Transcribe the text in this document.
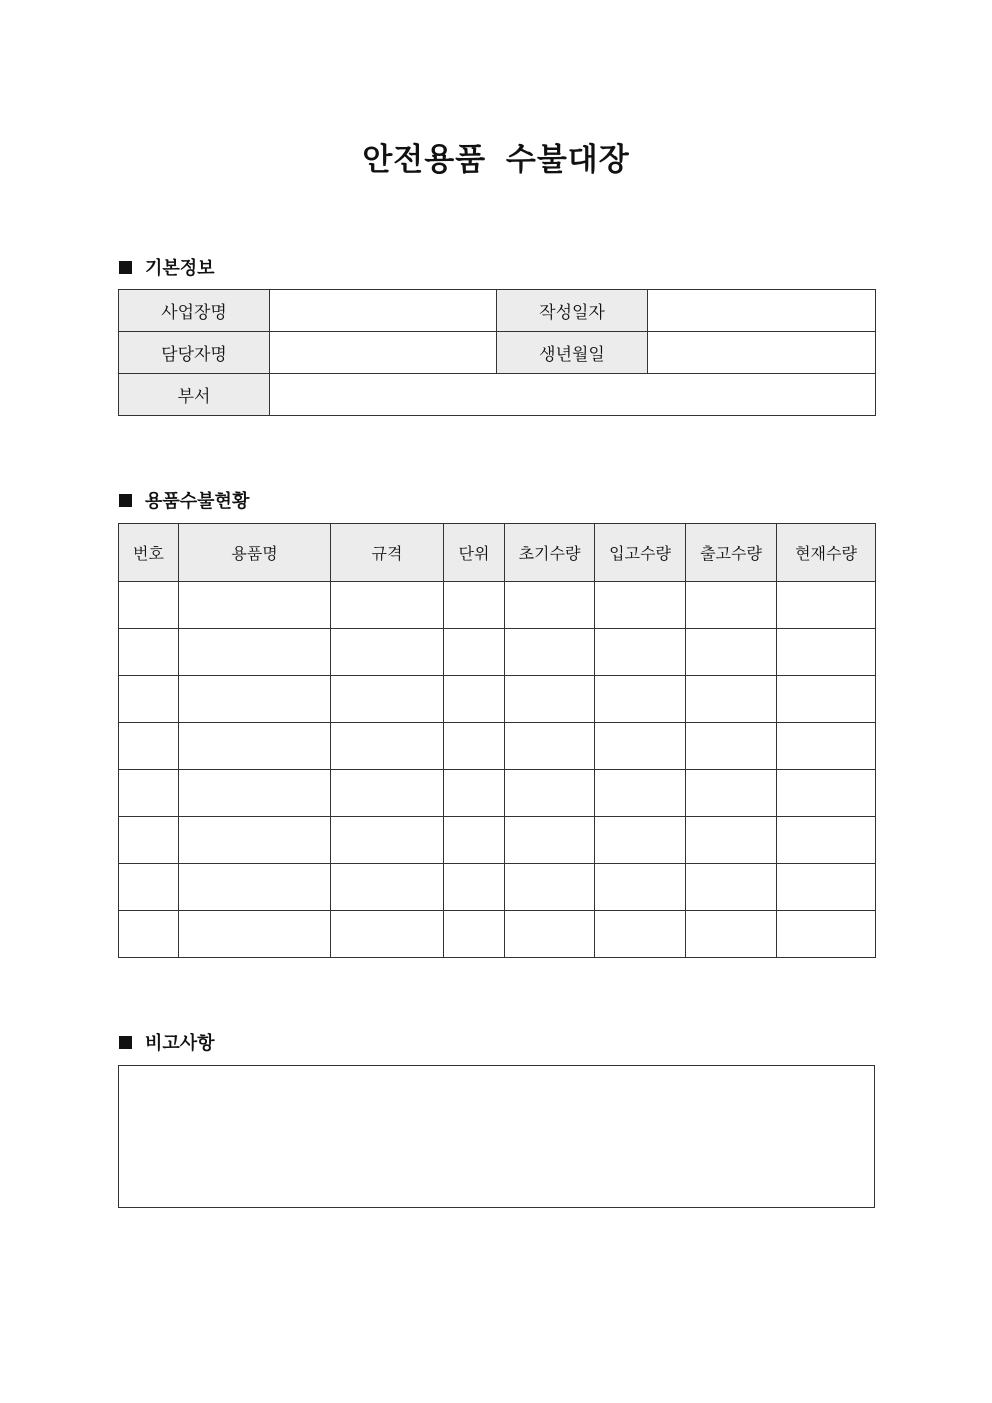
안전용품 수불대장
기본정보
사업장명		작성일자	
담당자명		생년월일	
부서			
용품수불현황
번호	용품명	규격	단위	초기수량	입고수량	출고수량	현재수량

비고사항
